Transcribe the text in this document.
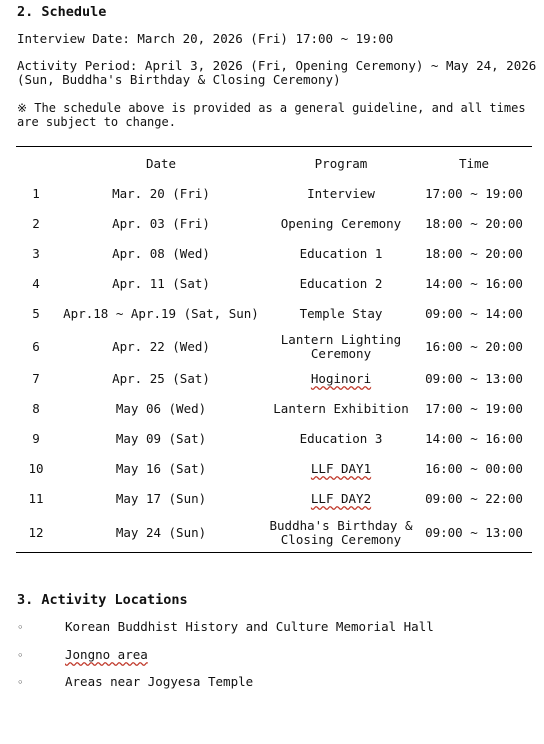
2. Schedule
Interview Date: March 20, 2026 (Fri) 17:00 ~ 19:00
Activity Period: April 3, 2026 (Fri, Opening Ceremony) ~ May 24, 2026
(Sun, Buddha's Birthday & Closing Ceremony)
※ The schedule above is provided as a general guideline, and all times
are subject to change.
	Date	Program	Time
1	Mar. 20 (Fri)	Interview	17:00 ~ 19:00
2	Apr. 03 (Fri)	Opening Ceremony	18:00 ~ 20:00
3	Apr. 08 (Wed)	Education 1	18:00 ~ 20:00
4	Apr. 11 (Sat)	Education 2	14:00 ~ 16:00
5	Apr.18 ~ Apr.19 (Sat, Sun)	Temple Stay	09:00 ~ 14:00
6	Apr. 22 (Wed)	Lantern Lighting Ceremony	16:00 ~ 20:00
7	Apr. 25 (Sat)	Hoginori	09:00 ~ 13:00
8	May 06 (Wed)	Lantern Exhibition	17:00 ~ 19:00
9	May 09 (Sat)	Education 3	14:00 ~ 16:00
10	May 16 (Sat)	LLF DAY1	16:00 ~ 00:00
11	May 17 (Sun)	LLF DAY2	09:00 ~ 22:00
12	May 24 (Sun)	Buddha's Birthday & Closing Ceremony	09:00 ~ 13:00
3. Activity Locations
◦	Korean Buddhist History and Culture Memorial Hall
◦	Jongno area
◦	Areas near Jogyesa Temple
